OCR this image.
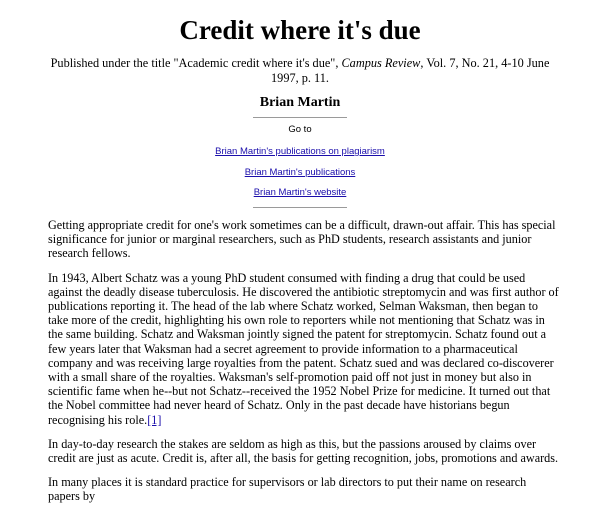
Credit where it's due
Published under the title "Academic credit where it's due", Campus Review, Vol. 7, No. 21, 4-10 June 1997, p. 11.
Brian Martin
Go to
Brian Martin's publications on plagiarism
Brian Martin's publications
Brian Martin's website

Getting appropriate credit for one's work sometimes can be a difficult, drawn-out affair. This has special significance for junior or marginal researchers, such as PhD students, research assistants and junior research fellows.

In 1943, Albert Schatz was a young PhD student consumed with finding a drug that could be used against the deadly disease tuberculosis. He discovered the antibiotic streptomycin and was first author of publications reporting it. The head of the lab where Schatz worked, Selman Waksman, then began to take more of the credit, highlighting his own role to reporters while not mentioning that Schatz was in the same building. Schatz and Waksman jointly signed the patent for streptomycin. Schatz found out a few years later that Waksman had a secret agreement to provide information to a pharmaceutical company and was receiving large royalties from the patent. Schatz sued and was declared co-discoverer with a small share of the royalties. Waksman's self-promotion paid off not just in money but also in scientific fame when he--but not Schatz--received the 1952 Nobel Prize for medicine. It turned out that the Nobel committee had never heard of Schatz. Only in the past decade have historians begun recognising his role.[1]

In day-to-day research the stakes are seldom as high as this, but the passions aroused by claims over credit are just as acute. Credit is, after all, the basis for getting recognition, jobs, promotions and awards.

In many places it is standard practice for supervisors or lab directors to put their name on research papers by
